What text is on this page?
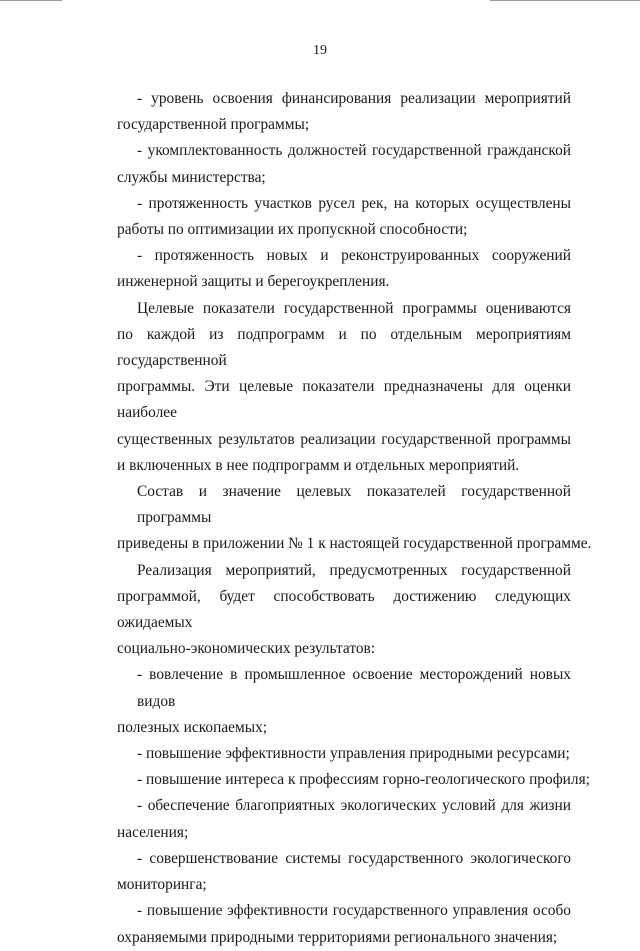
19
- уровень освоения финансирования реализации мероприятий
государственной программы;
- укомплектованность должностей государственной гражданской
службы министерства;
- протяженность участков русел рек, на которых осуществлены
работы по оптимизации их пропускной способности;
- протяженность новых и реконструированных сооружений
инженерной защиты и берегоукрепления.
Целевые показатели государственной программы оцениваются
по каждой из подпрограмм и по отдельным мероприятиям государственной
программы. Эти целевые показатели предназначены для оценки наиболее
существенных результатов реализации государственной программы
и включенных в нее подпрограмм и отдельных мероприятий.
Состав и значение целевых показателей государственной программы
приведены в приложении № 1 к настоящей государственной программе.
Реализация мероприятий, предусмотренных государственной
программой, будет способствовать достижению следующих ожидаемых
социально-экономических результатов:
- вовлечение в промышленное освоение месторождений новых видов
полезных ископаемых;
- повышение эффективности управления природными ресурсами;
- повышение интереса к профессиям горно-геологического профиля;
- обеспечение благоприятных экологических условий для жизни
населения;
- совершенствование системы государственного экологического
мониторинга;
- повышение эффективности государственного управления особо
охраняемыми природными территориями регионального значения;
